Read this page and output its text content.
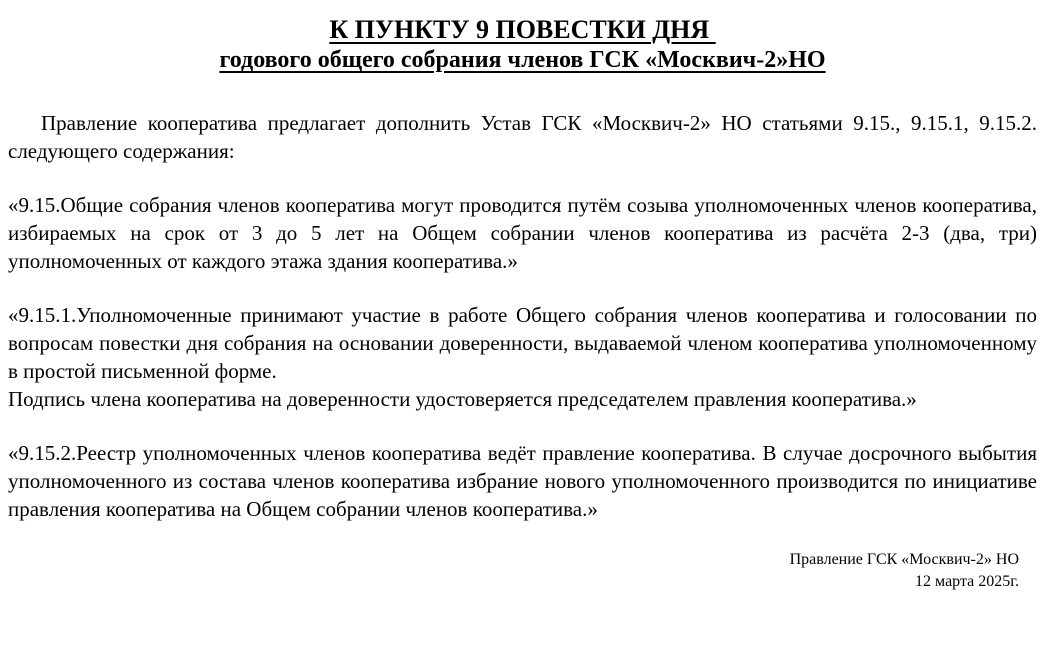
К ПУНКТУ 9 ПОВЕСТКИ ДНЯ
годового общего собрания членов ГСК «Москвич-2»НО

Правление кооператива предлагает дополнить Устав ГСК «Москвич-2» НО статьями 9.15., 9.15.1, 9.15.2. следующего содержания:

«9.15.Общие собрания членов кооператива могут проводится путём созыва уполномоченных членов кооператива, избираемых на срок от 3 до 5 лет на Общем собрании членов кооператива из расчёта 2-3 (два, три) уполномоченных от каждого этажа здания кооператива.»

«9.15.1.Уполномоченные принимают участие в работе Общего собрания членов кооператива и голосовании по вопросам повестки дня собрания на основании доверенности, выдаваемой членом кооператива уполномоченному в простой письменной форме.

Подпись члена кооператива на доверенности удостоверяется председателем правления кооператива.»

«9.15.2.Реестр уполномоченных членов кооператива ведёт правление кооператива. В случае досрочного выбытия уполномоченного из состава членов кооператива избрание нового уполномоченного производится по инициативе правления кооператива на Общем собрании членов кооператива.»

Правление ГСК «Москвич-2» НО
12 марта 2025г.
